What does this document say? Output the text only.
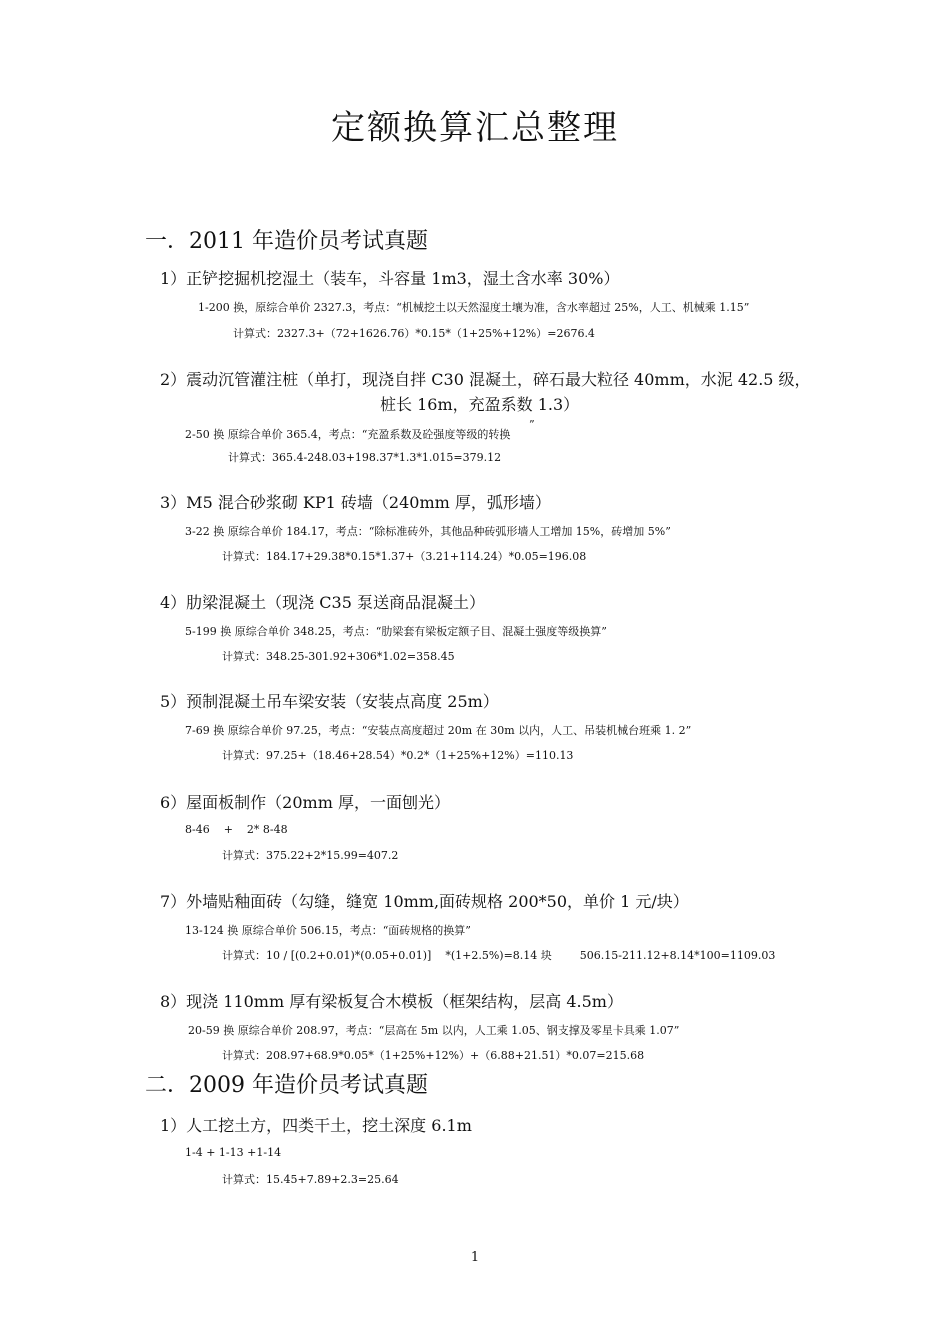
定额换算汇总整理
一．2011 年造价员考试真题
1）正铲挖掘机挖湿土（装车，斗容量 1m3，湿土含水率 30%）
1-200 换，原综合单价 2327.3，考点：“机械挖土以天然湿度土壤为准，含水率超过 25%，人工、机械乘 1.15”
计算式：2327.3+（72+1626.76）*0.15*（1+25%+12%）=2676.4
2）震动沉管灌注桩（单打，现浇自拌 C30 混凝土，碎石最大粒径 40mm，水泥 42.5 级，
桩长 16m，充盈系数 1.3）
2-50 换 原综合单价 365.4，考点：“充盈系数及砼强度等级的转换
”
计算式：365.4-248.03+198.37*1.3*1.015=379.12
3）M5 混合砂浆砌 KP1 砖墙（240mm 厚，弧形墙）
3-22 换 原综合单价 184.17，考点：“除标准砖外，其他品种砖弧形墙人工增加 15%，砖增加 5%”
计算式：184.17+29.38*0.15*1.37+（3.21+114.24）*0.05=196.08
4）肋梁混凝土（现浇 C35 泵送商品混凝土）
5-199 换 原综合单价 348.25，考点：“肋梁套有梁板定额子目、混凝土强度等级换算”
计算式：348.25-301.92+306*1.02=358.45
5）预制混凝土吊车梁安装（安装点高度 25m）
7-69 换 原综合单价 97.25，考点：“安装点高度超过 20m 在 30m 以内，人工、吊装机械台班乘 1. 2”
计算式：97.25+（18.46+28.54）*0.2*（1+25%+12%）=110.13
6）屋面板制作（20mm 厚，一面刨光）
8-46    +    2* 8-48
计算式：375.22+2*15.99=407.2
7）外墙贴釉面砖（勾缝，缝宽 10mm,面砖规格 200*50，单价 1 元/块）
13-124 换 原综合单价 506.15，考点：“面砖规格的换算”
计算式：10 / [(0.2+0.01)*(0.05+0.01)]    *(1+2.5%)=8.14 块        506.15-211.12+8.14*100=1109.03
8）现浇 110mm 厚有梁板复合木模板（框架结构，层高 4.5m）
20-59 换 原综合单价 208.97，考点：“层高在 5m 以内，人工乘 1.05、钢支撑及零星卡具乘 1.07”
计算式：208.97+68.9*0.05*（1+25%+12%）+（6.88+21.51）*0.07=215.68
二．2009 年造价员考试真题
1）人工挖土方，四类干土，挖土深度 6.1m
1-4 + 1-13 +1-14
计算式：15.45+7.89+2.3=25.64
1
